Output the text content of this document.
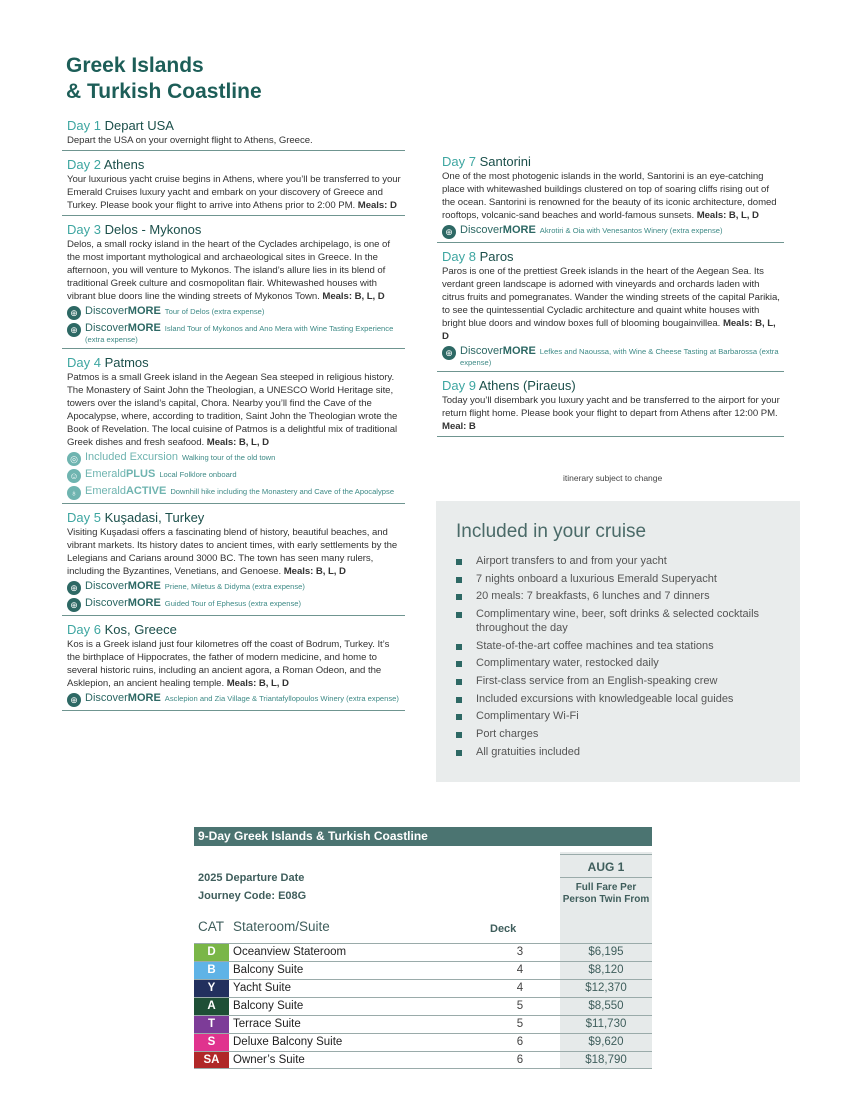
Greek Islands
& Turkish Coastline
Day 1 Depart USA
Depart the USA on your overnight flight to Athens, Greece.
Day 2 Athens
Your luxurious yacht cruise begins in Athens, where you’ll be transferred to your Emerald Cruises luxury yacht and embark on your discovery of Greece and Turkey. Please book your flight to arrive into Athens prior to 2:00 PM. Meals: D
Day 3 Delos - Mykonos
Delos, a small rocky island in the heart of the Cyclades archipelago, is one of the most important mythological and archaeological sites in Greece. In the afternoon, you will venture to Mykonos. The island’s allure lies in its blend of traditional Greek culture and cosmopolitan flair. Whitewashed houses with vibrant blue doors line the winding streets of Mykonos Town. Meals: B, L, D
⊕ DiscoverMORE Tour of Delos (extra expense)
⊕ DiscoverMORE Island Tour of Mykonos and Ano Mera with Wine Tasting Experience (extra expense)
Day 4 Patmos
Patmos is a small Greek island in the Aegean Sea steeped in religious history. The Monastery of Saint John the Theologian, a UNESCO World Heritage site, towers over the island’s capital, Chora. Nearby you’ll find the Cave of the Apocalypse, where, according to tradition, Saint John the Theologian wrote the Book of Revelation. The local cuisine of Patmos is a delightful mix of traditional Greek dishes and fresh seafood. Meals: B, L, D
◎ Included Excursion Walking tour of the old town
☺ EmeraldPLUS Local Folklore onboard
♁ EmeraldACTIVE Downhill hike including the Monastery and Cave of the Apocalypse
Day 5 Kuşadasi, Turkey
Visiting Kuşadasi offers a fascinating blend of history, beautiful beaches, and vibrant markets. Its history dates to ancient times, with early settlements by the Lelegians and Carians around 3000 BC. The town has seen many rulers, including the Byzantines, Venetians, and Genoese. Meals: B, L, D
⊕ DiscoverMORE Priene, Miletus & Didyma (extra expense)
⊕ DiscoverMORE Guided Tour of Ephesus (extra expense)
Day 6 Kos, Greece
Kos is a Greek island just four kilometres off the coast of Bodrum, Turkey. It’s the birthplace of Hippocrates, the father of modern medicine, and home to several historic ruins, including an ancient agora, a Roman Odeon, and the Asklepion, an ancient healing temple. Meals: B, L, D
⊕ DiscoverMORE Asclepion and Zia Village & Triantafyllopoulos Winery (extra expense)
Day 7 Santorini
One of the most photogenic islands in the world, Santorini is an eye-catching place with whitewashed buildings clustered on top of soaring cliffs rising out of the ocean. Santorini is renowned for the beauty of its iconic architecture, domed rooftops, volcanic-sand beaches and world-famous sunsets. Meals: B, L, D
⊕ DiscoverMORE Akrotiri & Oia with Venesantos Winery (extra expense)
Day 8 Paros
Paros is one of the prettiest Greek islands in the heart of the Aegean Sea. Its verdant green landscape is adorned with vineyards and orchards laden with citrus fruits and pomegranates. Wander the winding streets of the capital Parikia, to see the quintessential Cycladic architecture and quaint white houses with bright blue doors and window boxes full of blooming bougainvillea. Meals: B, L, D
⊕ DiscoverMORE Lefkes and Naoussa, with Wine & Cheese Tasting at Barbarossa (extra expense)
Day 9 Athens (Piraeus)
Today you’ll disembark you luxury yacht and be transferred to the airport for your return flight home. Please book your flight to depart from Athens after 12:00 PM. Meal: B
itinerary subject to change
Included in your cruise
Airport transfers to and from your yacht
7 nights onboard a luxurious Emerald Superyacht
20 meals: 7 breakfasts, 6 lunches and 7 dinners
Complimentary wine, beer, soft drinks & selected cocktails throughout the day
State-of-the-art coffee machines and tea stations
Complimentary water, restocked daily
First-class service from an English-speaking crew
Included excursions with knowledgeable local guides
Complimentary Wi-Fi
Port charges
All gratuities included
9-Day Greek Islands & Turkish Coastline
2025 Departure Date
Journey Code: E08G
CAT Stateroom/Suite	Deck
AUG 1
Full Fare Per Person Twin From
D	Oceanview Stateroom	3	$6,195
B	Balcony Suite	4	$8,120
Y	Yacht Suite	4	$12,370
A	Balcony Suite	5	$8,550
T	Terrace Suite	5	$11,730
S	Deluxe Balcony Suite	6	$9,620
SA	Owner’s Suite	6	$18,790
